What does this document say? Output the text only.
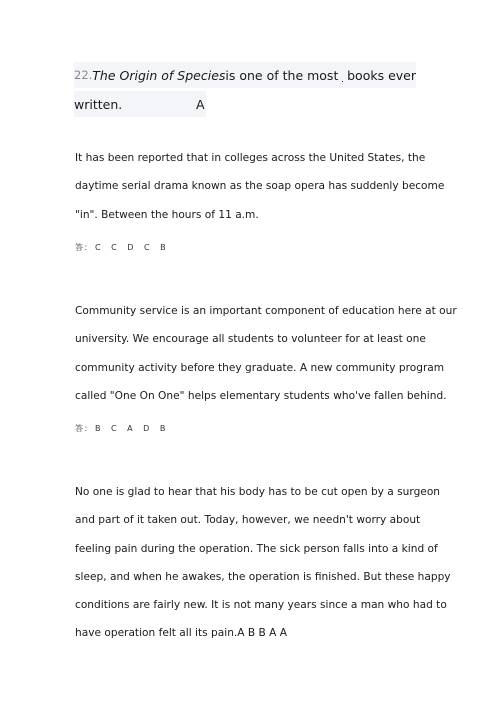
22. The Origin of Species is one of the most books ever
written.	A
It has been reported that in colleges across the United States, the
daytime serial drama known as the soap opera has suddenly become
"in". Between the hours of 11 a.m.
答： C C D C B
Community service is an important component of education here at our
university. We encourage all students to volunteer for at least one
community activity before they graduate. A new community program
called "One On One" helps elementary students who've fallen behind.
答： B C A D B
No one is glad to hear that his body has to be cut open by a surgeon
and part of it taken out. Today, however, we needn't worry about
feeling pain during the operation. The sick person falls into a kind of
sleep, and when he awakes, the operation is finished. But these happy
conditions are fairly new. It is not many years since a man who had to
have operation felt all its pain.A B B A A
